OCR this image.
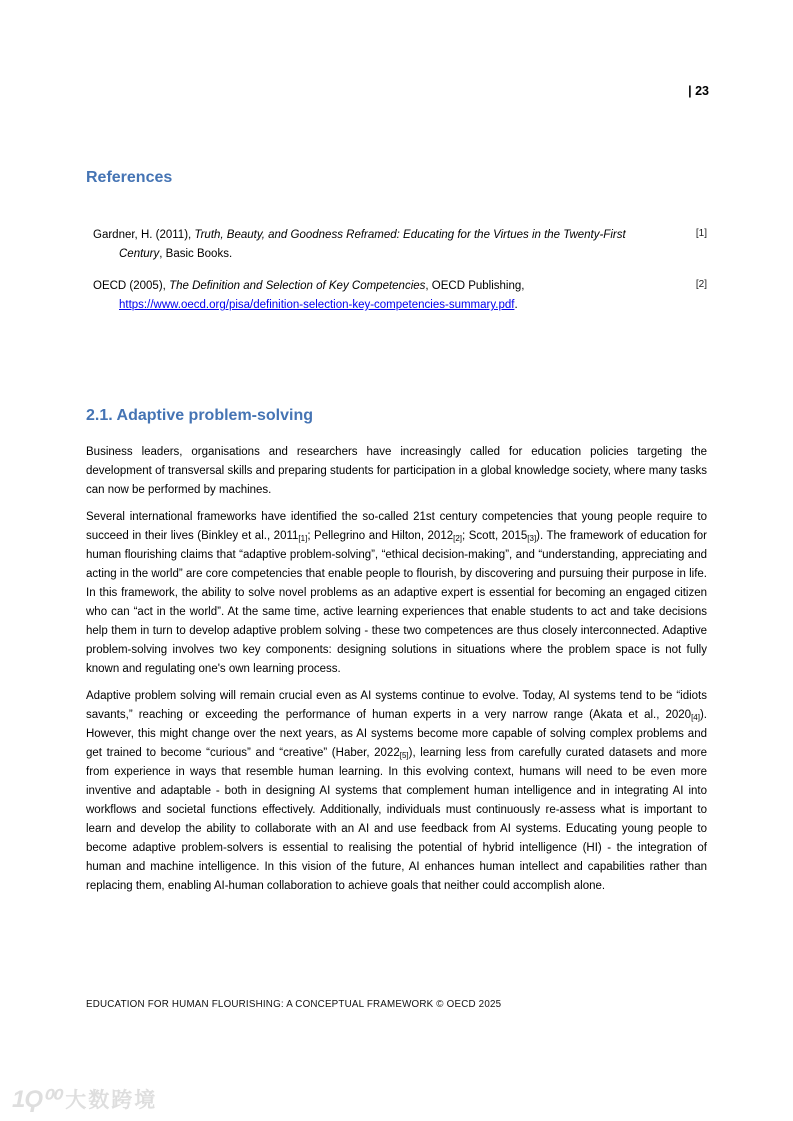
| 23
References
Gardner, H. (2011), Truth, Beauty, and Goodness Reframed: Educating for the Virtues in the Twenty-First Century, Basic Books.
[1]
OECD (2005), The Definition and Selection of Key Competencies, OECD Publishing, https://www.oecd.org/pisa/definition-selection-key-competencies-summary.pdf.
[2]
2.1. Adaptive problem-solving

Business leaders, organisations and researchers have increasingly called for education policies targeting the development of transversal skills and preparing students for participation in a global knowledge society, where many tasks can now be performed by machines.

Several international frameworks have identified the so-called 21st century competencies that young people require to succeed in their lives (Binkley et al., $2011_{[1]}$; Pellegrino and Hilton, $2012_{[2]}$; Scott, $2015_{[3]}$). The framework of education for human flourishing claims that “adaptive problem-solving”, “ethical decision-making”, and “understanding, appreciating and acting in the world” are core competencies that enable people to flourish, by discovering and pursuing their purpose in life. In this framework, the ability to solve novel problems as an adaptive expert is essential for becoming an engaged citizen who can “act in the world”. At the same time, active learning experiences that enable students to act and take decisions help them in turn to develop adaptive problem solving - these two competences are thus closely interconnected. Adaptive problem-solving involves two key components: designing solutions in situations where the problem space is not fully known and regulating one's own learning process.

Adaptive problem solving will remain crucial even as AI systems continue to evolve. Today, AI systems tend to be “idiots savants,” reaching or exceeding the performance of human experts in a very narrow range (Akata et al., $2020_{[4]}$). However, this might change over the next years, as AI systems become more capable of solving complex problems and get trained to become “curious” and “creative” (Haber, $2022_{[5]}$), learning less from carefully curated datasets and more from experience in ways that resemble human learning. In this evolving context, humans will need to be even more inventive and adaptable - both in designing AI systems that complement human intelligence and in integrating AI into workflows and societal functions effectively. Additionally, individuals must continuously re-assess what is important to learn and develop the ability to collaborate with an AI and use feedback from AI systems. Educating young people to become adaptive problem-solvers is essential to realising the potential of hybrid intelligence (HI) - the integration of human and machine intelligence. In this vision of the future, AI enhances human intellect and capabilities rather than replacing them, enabling AI-human collaboration to achieve goals that neither could accomplish alone.

EDUCATION FOR HUMAN FLOURISHING: A CONCEPTUAL FRAMEWORK © OECD 2025
1Ϙ⁰⁰ 大数跨境
